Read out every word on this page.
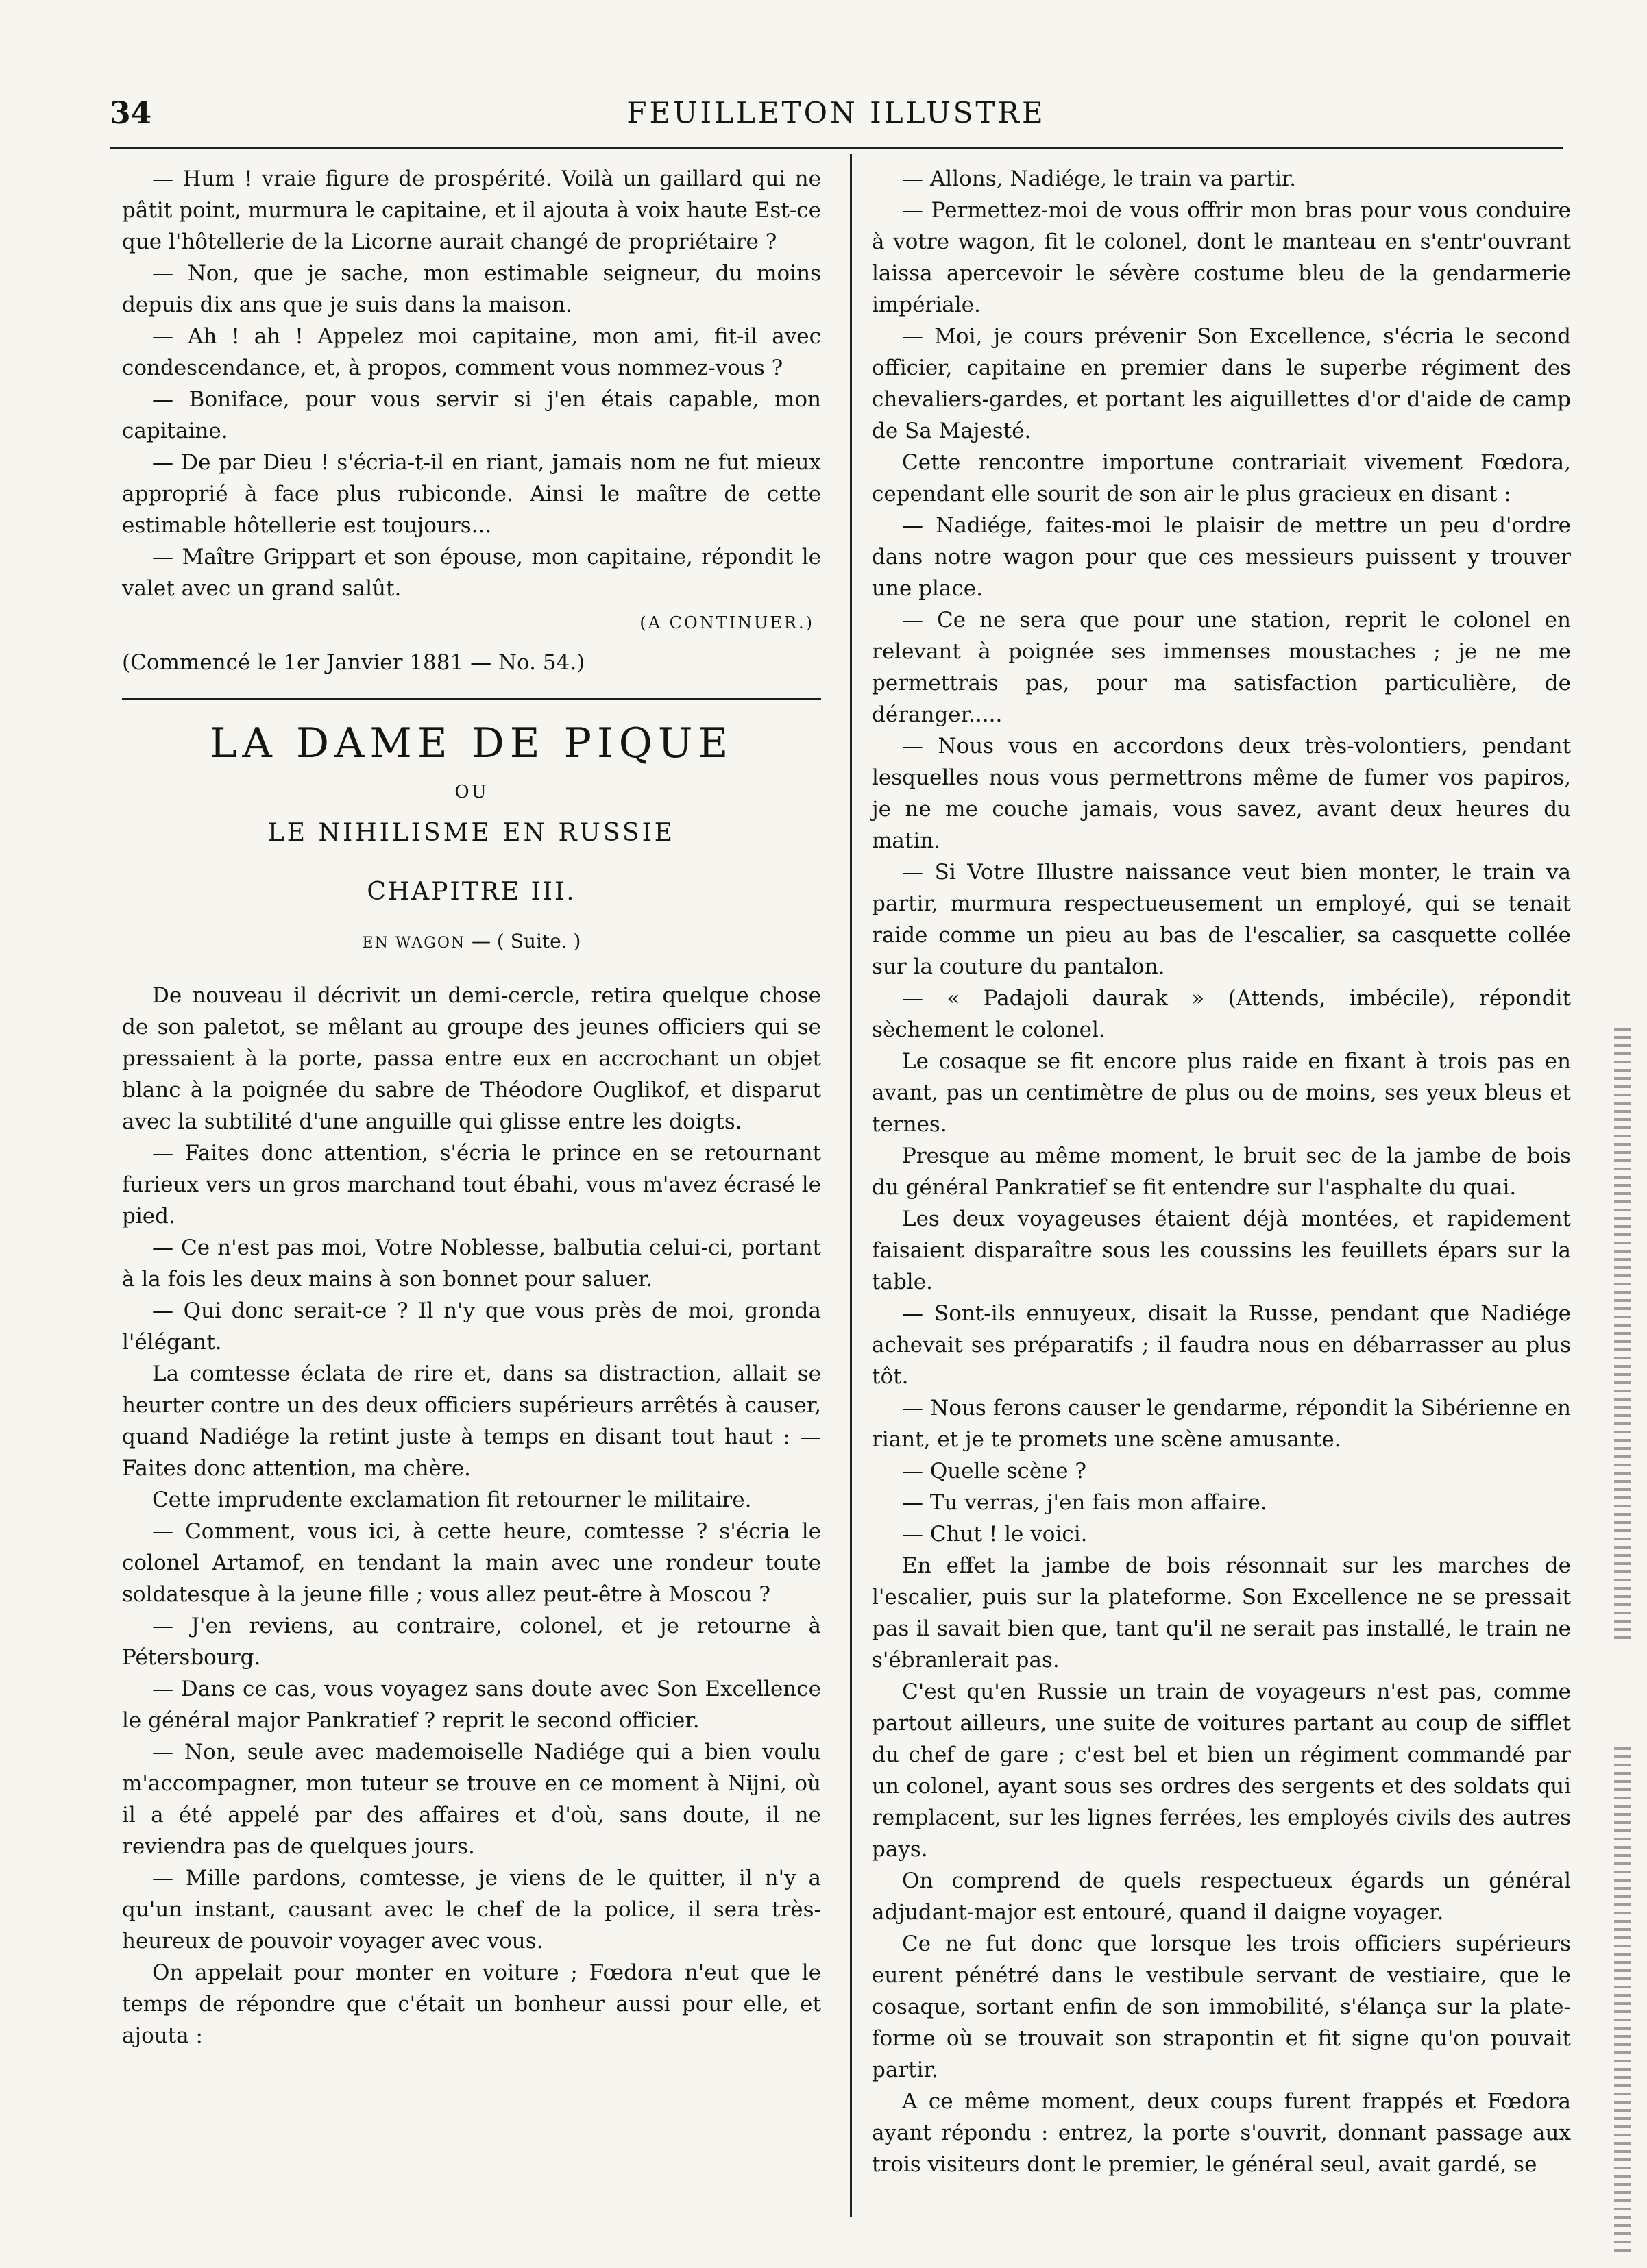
34	FEUILLETON ILLUSTRE

— Hum ! vraie figure de prospérité. Voilà un gaillard qui ne pâtit point, murmura le capitaine, et il ajouta à voix haute Est-ce que l'hôtellerie de la Licorne aurait changé de propriétaire ?

— Non, que je sache, mon estimable seigneur, du moins depuis dix ans que je suis dans la maison.

— Ah ! ah ! Appelez moi capitaine, mon ami, fit-il avec condescendance, et, à propos, comment vous nommez-vous ?

— Boniface, pour vous servir si j'en étais capable, mon capitaine.

— De par Dieu ! s'écria-t-il en riant, jamais nom ne fut mieux approprié à face plus rubiconde. Ainsi le maître de cette estimable hôtellerie est toujours...

— Maître Grippart et son épouse, mon capitaine, répondit le valet avec un grand salût.

(A CONTINUER.)

(Commencé le 1er Janvier 1881 — No. 54.)

LA DAME DE PIQUE
OU
LE NIHILISME EN RUSSIE
CHAPITRE III.
EN WAGON — ( Suite. )

De nouveau il décrivit un demi-cercle, retira quelque chose de son paletot, se mêlant au groupe des jeunes officiers qui se pressaient à la porte, passa entre eux en accrochant un objet blanc à la poignée du sabre de Théodore Ouglikof, et disparut avec la subtilité d'une anguille qui glisse entre les doigts.

— Faites donc attention, s'écria le prince en se retournant furieux vers un gros marchand tout ébahi, vous m'avez écrasé le pied.

— Ce n'est pas moi, Votre Noblesse, balbutia celui-ci, portant à la fois les deux mains à son bonnet pour saluer.

— Qui donc serait-ce ? Il n'y que vous près de moi, gronda l'élégant.

La comtesse éclata de rire et, dans sa distraction, allait se heurter contre un des deux officiers supérieurs arrêtés à causer, quand Nadiége la retint juste à temps en disant tout haut : — Faites donc attention, ma chère.

Cette imprudente exclamation fit retourner le militaire.

— Comment, vous ici, à cette heure, comtesse ? s'écria le colonel Artamof, en tendant la main avec une rondeur toute soldatesque à la jeune fille ; vous allez peut-être à Moscou ?

— J'en reviens, au contraire, colonel, et je retourne à Pétersbourg.

— Dans ce cas, vous voyagez sans doute avec Son Excellence le général major Pankratief ? reprit le second officier.

— Non, seule avec mademoiselle Nadiége qui a bien voulu m'accompagner, mon tuteur se trouve en ce moment à Nijni, où il a été appelé par des affaires et d'où, sans doute, il ne reviendra pas de quelques jours.

— Mille pardons, comtesse, je viens de le quitter, il n'y a qu'un instant, causant avec le chef de la police, il sera très-heureux de pouvoir voyager avec vous.

On appelait pour monter en voiture ; Fœdora n'eut que le temps de répondre que c'était un bonheur aussi pour elle, et ajouta :

— Allons, Nadiége, le train va partir.

— Permettez-moi de vous offrir mon bras pour vous conduire à votre wagon, fit le colonel, dont le manteau en s'entr'ouvrant laissa apercevoir le sévère costume bleu de la gendarmerie impériale.

— Moi, je cours prévenir Son Excellence, s'écria le second officier, capitaine en premier dans le superbe régiment des chevaliers-gardes, et portant les aiguillettes d'or d'aide de camp de Sa Majesté.

Cette rencontre importune contrariait vivement Fœdora, cependant elle sourit de son air le plus gracieux en disant :

— Nadiége, faites-moi le plaisir de mettre un peu d'ordre dans notre wagon pour que ces messieurs puissent y trouver une place.

— Ce ne sera que pour une station, reprit le colonel en relevant à poignée ses immenses moustaches ; je ne me permettrais pas, pour ma satisfaction particulière, de déranger.....

— Nous vous en accordons deux très-volontiers, pendant lesquelles nous vous permettrons même de fumer vos papiros, je ne me couche jamais, vous savez, avant deux heures du matin.

— Si Votre Illustre naissance veut bien monter, le train va partir, murmura respectueusement un employé, qui se tenait raide comme un pieu au bas de l'escalier, sa casquette collée sur la couture du pantalon.

— « Padajoli daurak » (Attends, imbécile), répondit sèchement le colonel.

Le cosaque se fit encore plus raide en fixant à trois pas en avant, pas un centimètre de plus ou de moins, ses yeux bleus et ternes.

Presque au même moment, le bruit sec de la jambe de bois du général Pankratief se fit entendre sur l'asphalte du quai.

Les deux voyageuses étaient déjà montées, et rapidement faisaient disparaître sous les coussins les feuillets épars sur la table.

— Sont-ils ennuyeux, disait la Russe, pendant que Nadiége achevait ses préparatifs ; il faudra nous en débarrasser au plus tôt.

— Nous ferons causer le gendarme, répondit la Sibérienne en riant, et je te promets une scène amusante.

— Quelle scène ?

— Tu verras, j'en fais mon affaire.

— Chut ! le voici.

En effet la jambe de bois résonnait sur les marches de l'escalier, puis sur la plateforme. Son Excellence ne se pressait pas il savait bien que, tant qu'il ne serait pas installé, le train ne s'ébranlerait pas.

C'est qu'en Russie un train de voyageurs n'est pas, comme partout ailleurs, une suite de voitures partant au coup de sifflet du chef de gare ; c'est bel et bien un régiment commandé par un colonel, ayant sous ses ordres des sergents et des soldats qui remplacent, sur les lignes ferrées, les employés civils des autres pays.

On comprend de quels respectueux égards un général adjudant-major est entouré, quand il daigne voyager.

Ce ne fut donc que lorsque les trois officiers supérieurs eurent pénétré dans le vestibule servant de vestiaire, que le cosaque, sortant enfin de son immobilité, s'élança sur la plate-forme où se trouvait son strapontin et fit signe qu'on pouvait partir.

A ce même moment, deux coups furent frappés et Fœdora ayant répondu : entrez, la porte s'ouvrit, donnant passage aux trois visiteurs dont le premier, le général seul, avait gardé, se
